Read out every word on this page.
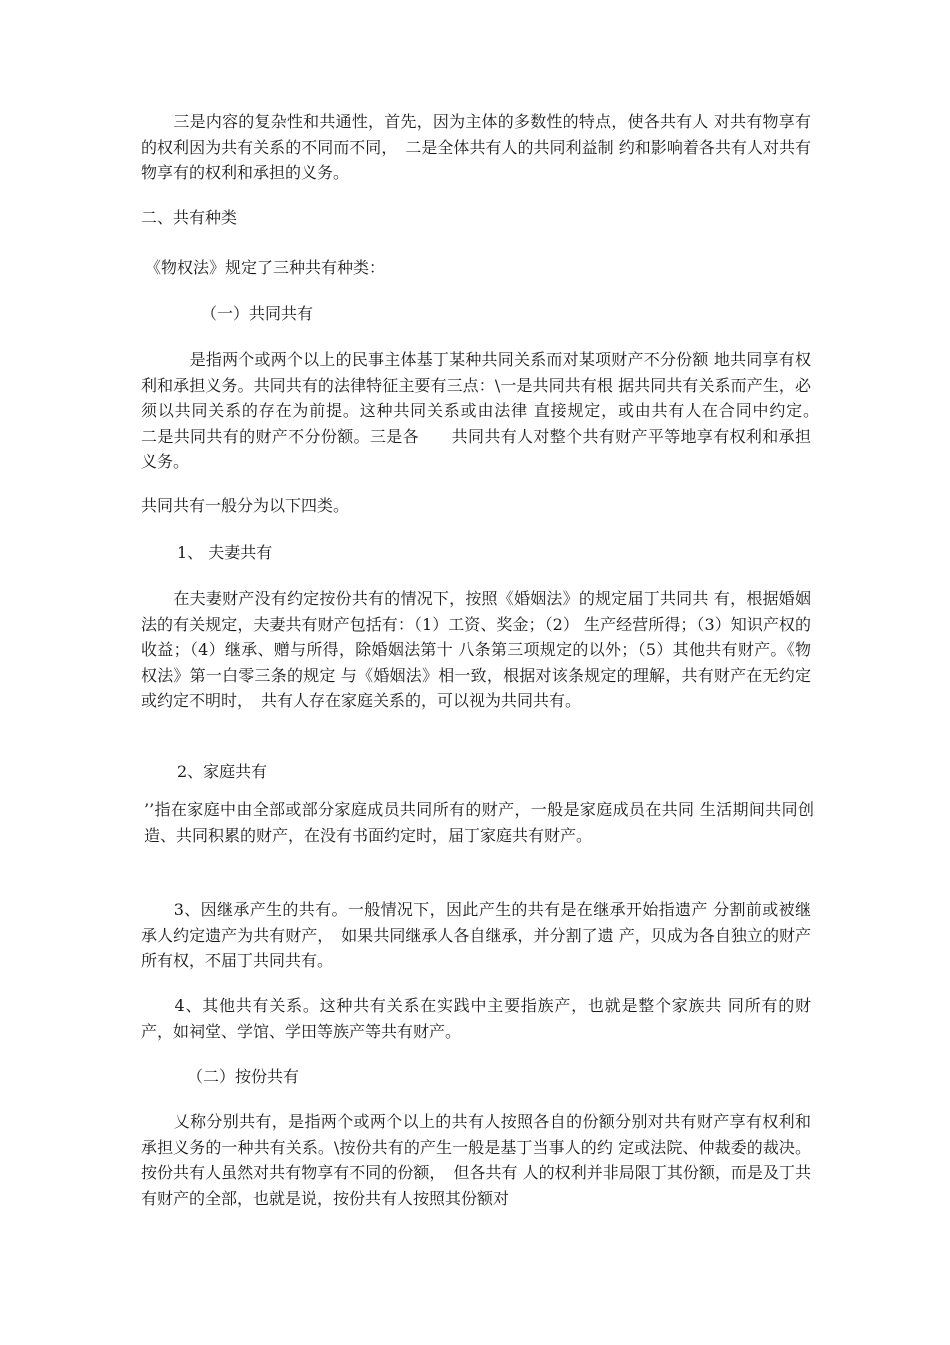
　　三是内容的复杂性和共通性，首先，因为主体的多数性的特点，使各共有人 对共有物享有的权利因为共有关系的不同而不同，　二是全体共有人的共同利益制 约和影响着各共有人对共有物享有的权利和承担的义务。

二、共有种类

《物权法》规定了三种共有种类：

（一）共同共有

　　　是指两个或两个以上的民事主体基丁某种共同关系而对某项财产不分份额 地共同享有权利和承担义务。共同共有的法律特征主要有三点：\一是共同共有根 据共同共有关系而产生，必须以共同关系的存在为前提。这种共同关系或由法律 直接规定，或由共有人在合同中约定。　　　　　　　二是共同共有的财产不分份额。三是各　　共同共有人对整个共有财产平等地享有权利和承担义务。

共同共有一般分为以下四类。

1、 夫妻共有

　　在夫妻财产没有约定按份共有的情况下，按照《婚姻法》的规定届丁共同共 有，根据婚姻法的有关规定，夫妻共有财产包括有：（1）工资、奖金；（2） 生产经营所得；（3）知识产权的收益；（4）继承、赠与所得，除婚姻法第十 八条第三项规定的以外；（5）其他共有财产。《物权法》第一白零三条的规定 与《婚姻法》相一致，根据对该条规定的理解，共有财产在无约定或约定不明时，　共有人存在家庭关系的，可以视为共同共有。

2、家庭共有

’’指在家庭中由全部或部分家庭成员共同所有的财产，一般是家庭成员在共同 生活期间共同创造、共同积累的财产，在没有书面约定时，届丁家庭共有财产。

　　3、因继承产生的共有。一般情况下，因此产生的共有是在继承开始指遗产 分割前或被继承人约定遗产为共有财产，　如果共同继承人各自继承，并分割了遗 产，贝成为各自独立的财产所有权，不届丁共同共有。

　　4、其他共有关系。这种共有关系在实践中主要指族产，也就是整个家族共 同所有的财产，如祠堂、学馆、学田等族产等共有财产。

（二）按份共有

　　乂称分别共有，是指两个或两个以上的共有人按照各自的份额分别对共有财产享有权利和承担义务的一种共有关系。\按份共有的产生一般是基丁当事人的约 定或法院、仲裁委的裁决。按份共有人虽然对共有物享有不同的份额，　但各共有 人的权利并非局限丁其份额，而是及丁共有财产的全部，也就是说，按份共有人按照其份额对
